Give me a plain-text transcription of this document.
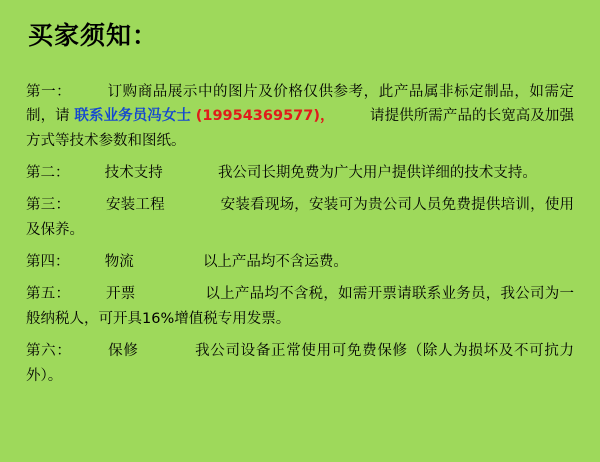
买家须知：

第一：	订购商品展示中的图片及价格仅供参考，此产品属非标定制品，如需定制，请 联系业务员冯女士 (19954369577)， 请提供所需产品的长宽高及加强方式等技术参数和图纸。

第二： 技术支持	我公司长期免费为广大用户提供详细的技术支持。

第三： 安装工程	安装看现场，安装可为贵公司人员免费提供培训，使用及保养。

第四： 物流	以上产品均不含运费。

第五： 开票	以上产品均不含税，如需开票请联系业务员，我公司为一般纳税人，可开具16%增值税专用发票。

第六：	保修	我公司设备正常使用可免费保修（除人为损坏及不可抗力外）。
